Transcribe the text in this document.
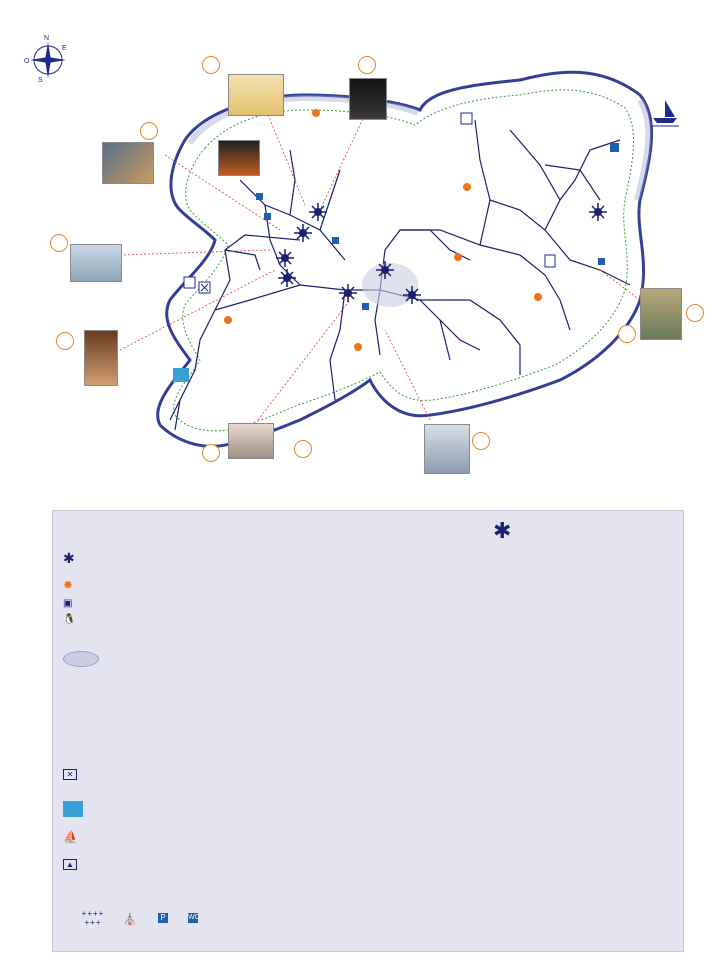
N
E
O
S
✱
✹
▣
🐧

✕

⛵

▲

++++
+++	⛪	P	WC
✱
